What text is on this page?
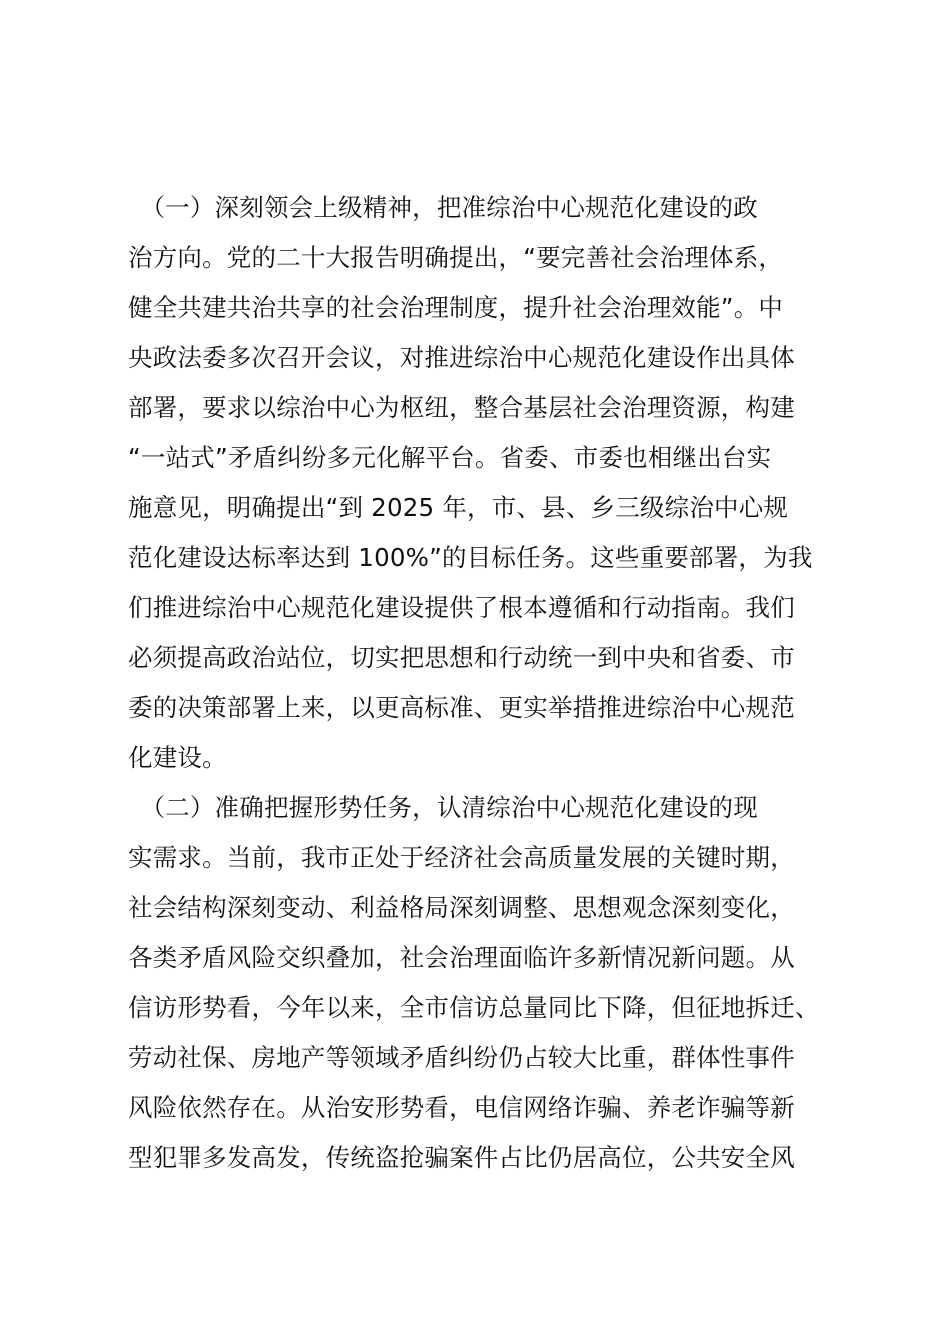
　（一）深刻领会上级精神，把准综治中心规范化建设的政
治方向。党的二十大报告明确提出，“要完善社会治理体系，
健全共建共治共享的社会治理制度，提升社会治理效能”。中
央政法委多次召开会议，对推进综治中心规范化建设作出具体
部署，要求以综治中心为枢纽，整合基层社会治理资源，构建
“一站式”矛盾纠纷多元化解平台。省委、市委也相继出台实
施意见，明确提出“到 2025 年，市、县、乡三级综治中心规
范化建设达标率达到 100%”的目标任务。这些重要部署，为我
们推进综治中心规范化建设提供了根本遵循和行动指南。我们
必须提高政治站位，切实把思想和行动统一到中央和省委、市
委的决策部署上来，以更高标准、更实举措推进综治中心规范
化建设。
　（二）准确把握形势任务，认清综治中心规范化建设的现
实需求。当前，我市正处于经济社会高质量发展的关键时期，
社会结构深刻变动、利益格局深刻调整、思想观念深刻变化，
各类矛盾风险交织叠加，社会治理面临许多新情况新问题。从
信访形势看，今年以来，全市信访总量同比下降，但征地拆迁、
劳动社保、房地产等领域矛盾纠纷仍占较大比重，群体性事件
风险依然存在。从治安形势看，电信网络诈骗、养老诈骗等新
型犯罪多发高发，传统盗抢骗案件占比仍居高位，公共安全风
